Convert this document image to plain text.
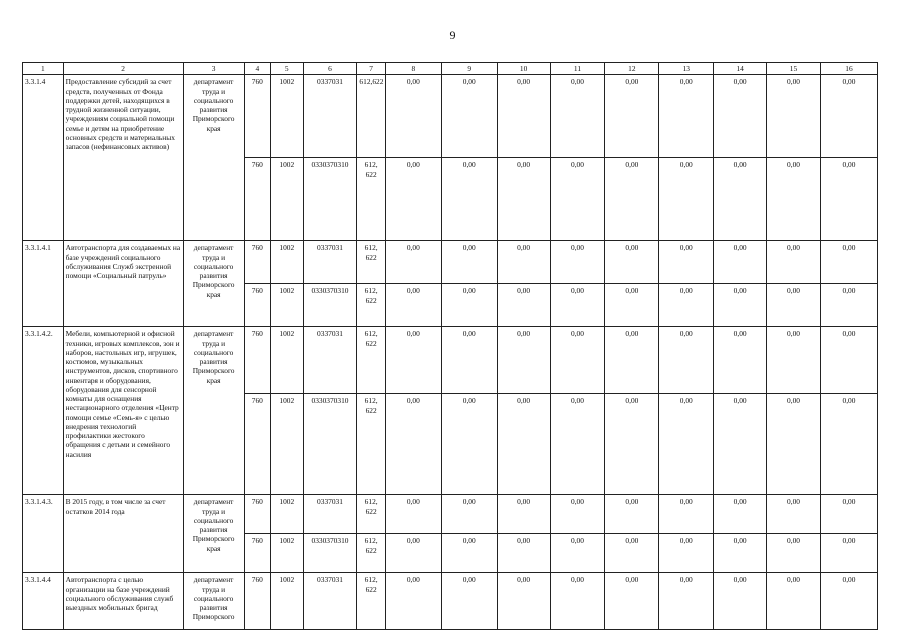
9
1	2	3	4	5	6	7	8	9	10	11	12	13	14	15	16
3.3.1.4	Предоставление субсидий за счет средств, полученных от Фонда поддержки детей, находящихся в трудной жизненной ситуации, учреждениям социальной помощи семье и детям на приобретение основных средств и материальных запасов (нефинансовых активов)	департамент труда и социального развития Приморского края	760	1002	0337031	612,622	0,00	0,00	0,00	0,00	0,00	0,00	0,00	0,00	0,00
			760	1002	0330370310	612, 622	0,00	0,00	0,00	0,00	0,00	0,00	0,00	0,00	0,00
3.3.1.4.1	Автотранспорта для создаваемых на базе учреждений социального обслуживания Служб экстренной помощи «Социальный патруль»	департамент труда и социального развития Приморского края	760	1002	0337031	612, 622	0,00	0,00	0,00	0,00	0,00	0,00	0,00	0,00	0,00
			760	1002	0330370310	612, 622	0,00	0,00	0,00	0,00	0,00	0,00	0,00	0,00	0,00
3.3.1.4.2.	Мебели, компьютерной и офисной техники, игровых комплексов, зон и наборов, настольных игр, игрушек, костюмов, музыкальных инструментов, дисков, спортивного инвентаря и оборудования, оборудования для сенсорной комнаты для оснащения нестационарного отделения «Центр помощи семье «Семь-я» с целью внедрения технологий профилактики жестокого обращения с детьми и семейного насилия	департамент труда и социального развития Приморского края	760	1002	0337031	612, 622	0,00	0,00	0,00	0,00	0,00	0,00	0,00	0,00	0,00
			760	1002	0330370310	612, 622	0,00	0,00	0,00	0,00	0,00	0,00	0,00	0,00	0,00
3.3.1.4.3.	В 2015 году, в том числе за счет остатков 2014 года	департамент труда и социального развития Приморского края	760	1002	0337031	612, 622	0,00	0,00	0,00	0,00	0,00	0,00	0,00	0,00	0,00
			760	1002	0330370310	612, 622	0,00	0,00	0,00	0,00	0,00	0,00	0,00	0,00	0,00
3.3.1.4.4	Автотранспорта с целью организации на базе учреждений социального обслуживания служб выездных мобильных бригад	департамент труда и социального развития Приморского	760	1002	0337031	612, 622	0,00	0,00	0,00	0,00	0,00	0,00	0,00	0,00	0,00
